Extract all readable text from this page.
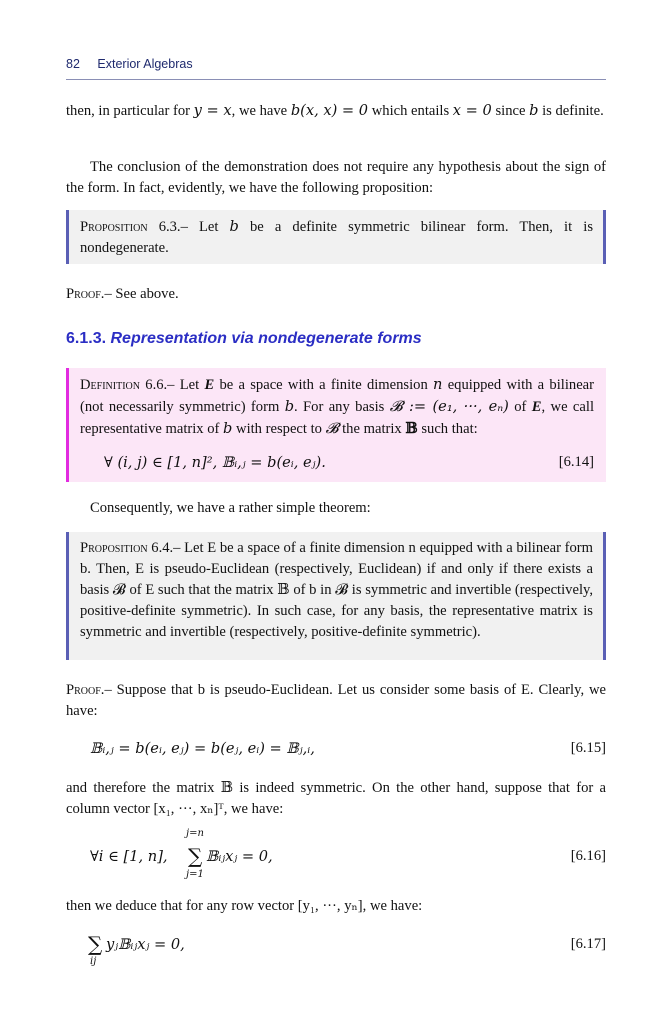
82 Exterior Algebras

then, in particular for y = x, we have b(x, x) = 0 which entails x = 0 since b is definite.

The conclusion of the demonstration does not require any hypothesis about the sign of the form. In fact, evidently, we have the following proposition:

Proposition 6.3.– Let b be a definite symmetric bilinear form. Then, it is nondegenerate.

Proof.– See above.

6.1.3. Representation via nondegenerate forms

Definition 6.6.– Let E be a space with a finite dimension n equipped with a bilinear (not necessarily symmetric) form b. For any basis 𝓑 := (e₁, ···, eₙ) of E, we call representative matrix of b with respect to 𝓑 the matrix 𝔹 such that:

∀ (i, j) ∈ [1, n]², 𝔹ᵢ,ⱼ = b(eᵢ, eⱼ).	[6.14]

Consequently, we have a rather simple theorem:

Proposition 6.4.– Let E be a space of a finite dimension n equipped with a bilinear form b. Then, E is pseudo-Euclidean (respectively, Euclidean) if and only if there exists a basis 𝓑 of E such that the matrix 𝔹 of b in 𝓑 is symmetric and invertible (respectively, positive-definite symmetric). In such case, for any basis, the representative matrix is symmetric and invertible (respectively, positive-definite symmetric).

Proof.– Suppose that b is pseudo-Euclidean. Let us consider some basis of E. Clearly, we have:

𝔹ᵢ,ⱼ = b(eᵢ, eⱼ) = b(eⱼ, eᵢ) = 𝔹ⱼ,ᵢ,	[6.15]

and therefore the matrix 𝔹 is indeed symmetric. On the other hand, suppose that for a column vector [x₁, ···, xₙ]ᵀ, we have:

∀i ∈ [1, n],
j=n
∑
j=1
𝔹ᵢⱼxⱼ = 0,	[6.16]

then we deduce that for any row vector [y₁, ···, yₙ], we have:

∑
ij
yⱼ𝔹ᵢⱼxⱼ = 0,	[6.17]
